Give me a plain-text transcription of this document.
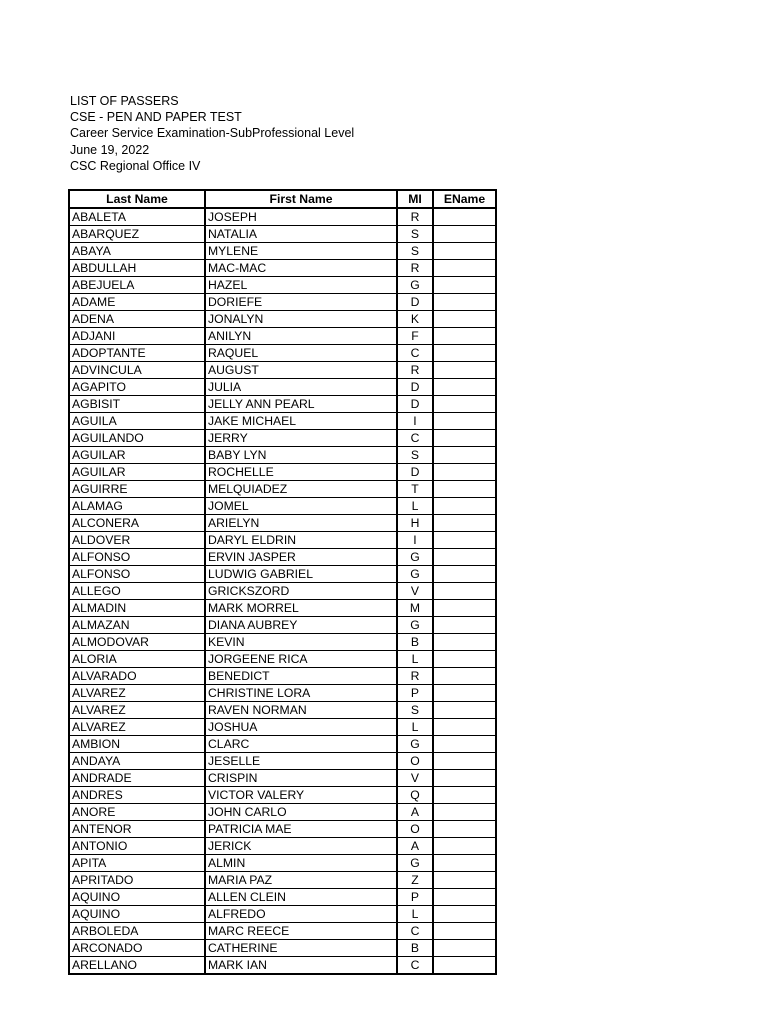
LIST OF PASSERS
CSE - PEN AND PAPER TEST
Career Service Examination-SubProfessional Level
June 19, 2022
CSC Regional Office IV
Last Name	First Name	MI	EName
ABALETA	JOSEPH	R	
ABARQUEZ	NATALIA	S	
ABAYA	MYLENE	S	
ABDULLAH	MAC-MAC	R	
ABEJUELA	HAZEL	G	
ADAME	DORIEFE	D	
ADENA	JONALYN	K	
ADJANI	ANILYN	F	
ADOPTANTE	RAQUEL	C	
ADVINCULA	AUGUST	R	
AGAPITO	JULIA	D	
AGBISIT	JELLY ANN PEARL	D	
AGUILA	JAKE MICHAEL	I	
AGUILANDO	JERRY	C	
AGUILAR	BABY LYN	S	
AGUILAR	ROCHELLE	D	
AGUIRRE	MELQUIADEZ	T	
ALAMAG	JOMEL	L	
ALCONERA	ARIELYN	H	
ALDOVER	DARYL ELDRIN	I	
ALFONSO	ERVIN JASPER	G	
ALFONSO	LUDWIG GABRIEL	G	
ALLEGO	GRICKSZORD	V	
ALMADIN	MARK MORREL	M	
ALMAZAN	DIANA AUBREY	G	
ALMODOVAR	KEVIN	B	
ALORIA	JORGEENE RICA	L	
ALVARADO	BENEDICT	R	
ALVAREZ	CHRISTINE LORA	P	
ALVAREZ	RAVEN NORMAN	S	
ALVAREZ	JOSHUA	L	
AMBION	CLARC	G	
ANDAYA	JESELLE	O	
ANDRADE	CRISPIN	V	
ANDRES	VICTOR VALERY	Q	
ANORE	JOHN CARLO	A	
ANTENOR	PATRICIA MAE	O	
ANTONIO	JERICK	A	
APITA	ALMIN	G	
APRITADO	MARIA PAZ	Z	
AQUINO	ALLEN CLEIN	P	
AQUINO	ALFREDO	L	
ARBOLEDA	MARC REECE	C	
ARCONADO	CATHERINE	B	
ARELLANO	MARK IAN	C	
